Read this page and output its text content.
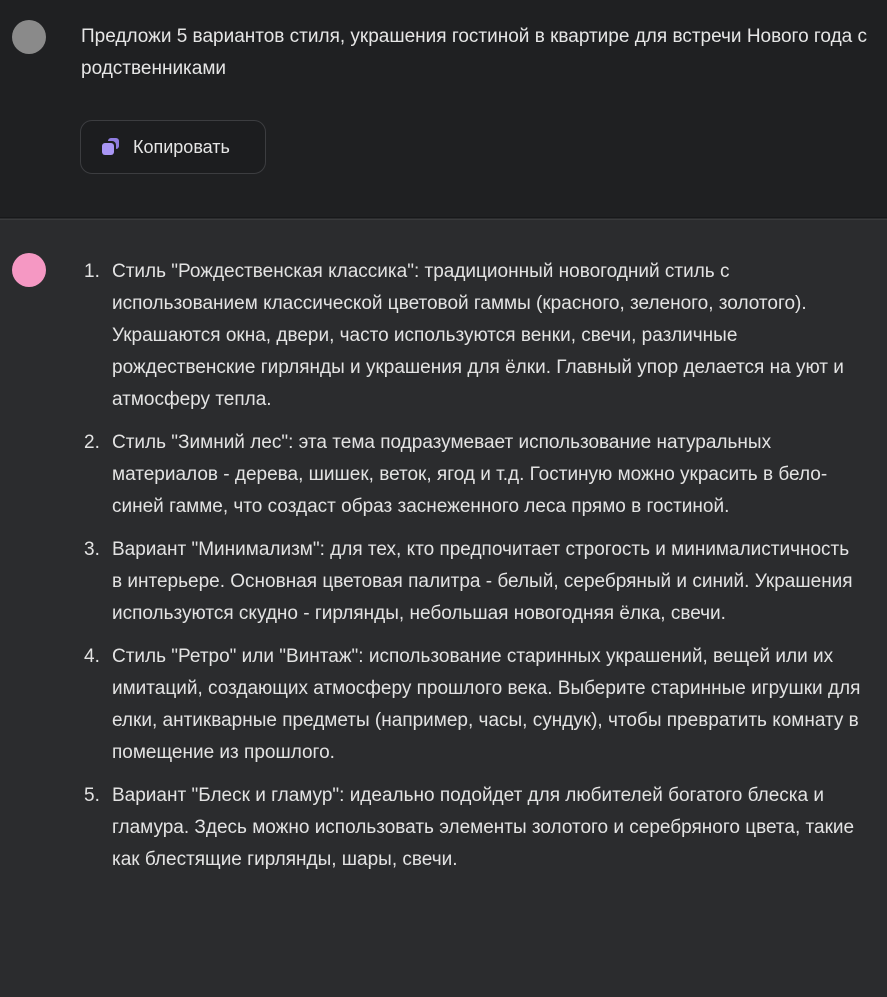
Предложи 5 вариантов стиля, украшения гостиной в квартире для встречи Нового года с родственниками
Копировать
1. Стиль "Рождественская классика": традиционный новогодний стиль с использованием классической цветовой гаммы (красного, зеленого, золотого). Украшаются окна, двери, часто используются венки, свечи, различные рождественские гирлянды и украшения для ёлки. Главный упор делается на уют и атмосферу тепла.
2. Стиль "Зимний лес": эта тема подразумевает использование натуральных материалов - дерева, шишек, веток, ягод и т.д. Гостиную можно украсить в бело-синей гамме, что создаст образ заснеженного леса прямо в гостиной.
3. Вариант "Минимализм": для тех, кто предпочитает строгость и минималистичность в интерьере. Основная цветовая палитра - белый, серебряный и синий. Украшения используются скудно - гирлянды, небольшая новогодняя ёлка, свечи.
4. Стиль "Ретро" или "Винтаж": использование старинных украшений, вещей или их имитаций, создающих атмосферу прошлого века. Выберите старинные игрушки для елки, антикварные предметы (например, часы, сундук), чтобы превратить комнату в помещение из прошлого.
5. Вариант "Блеск и гламур": идеально подойдет для любителей богатого блеска и гламура. Здесь можно использовать элементы золотого и серебряного цвета, такие как блестящие гирлянды, шары, свечи.
